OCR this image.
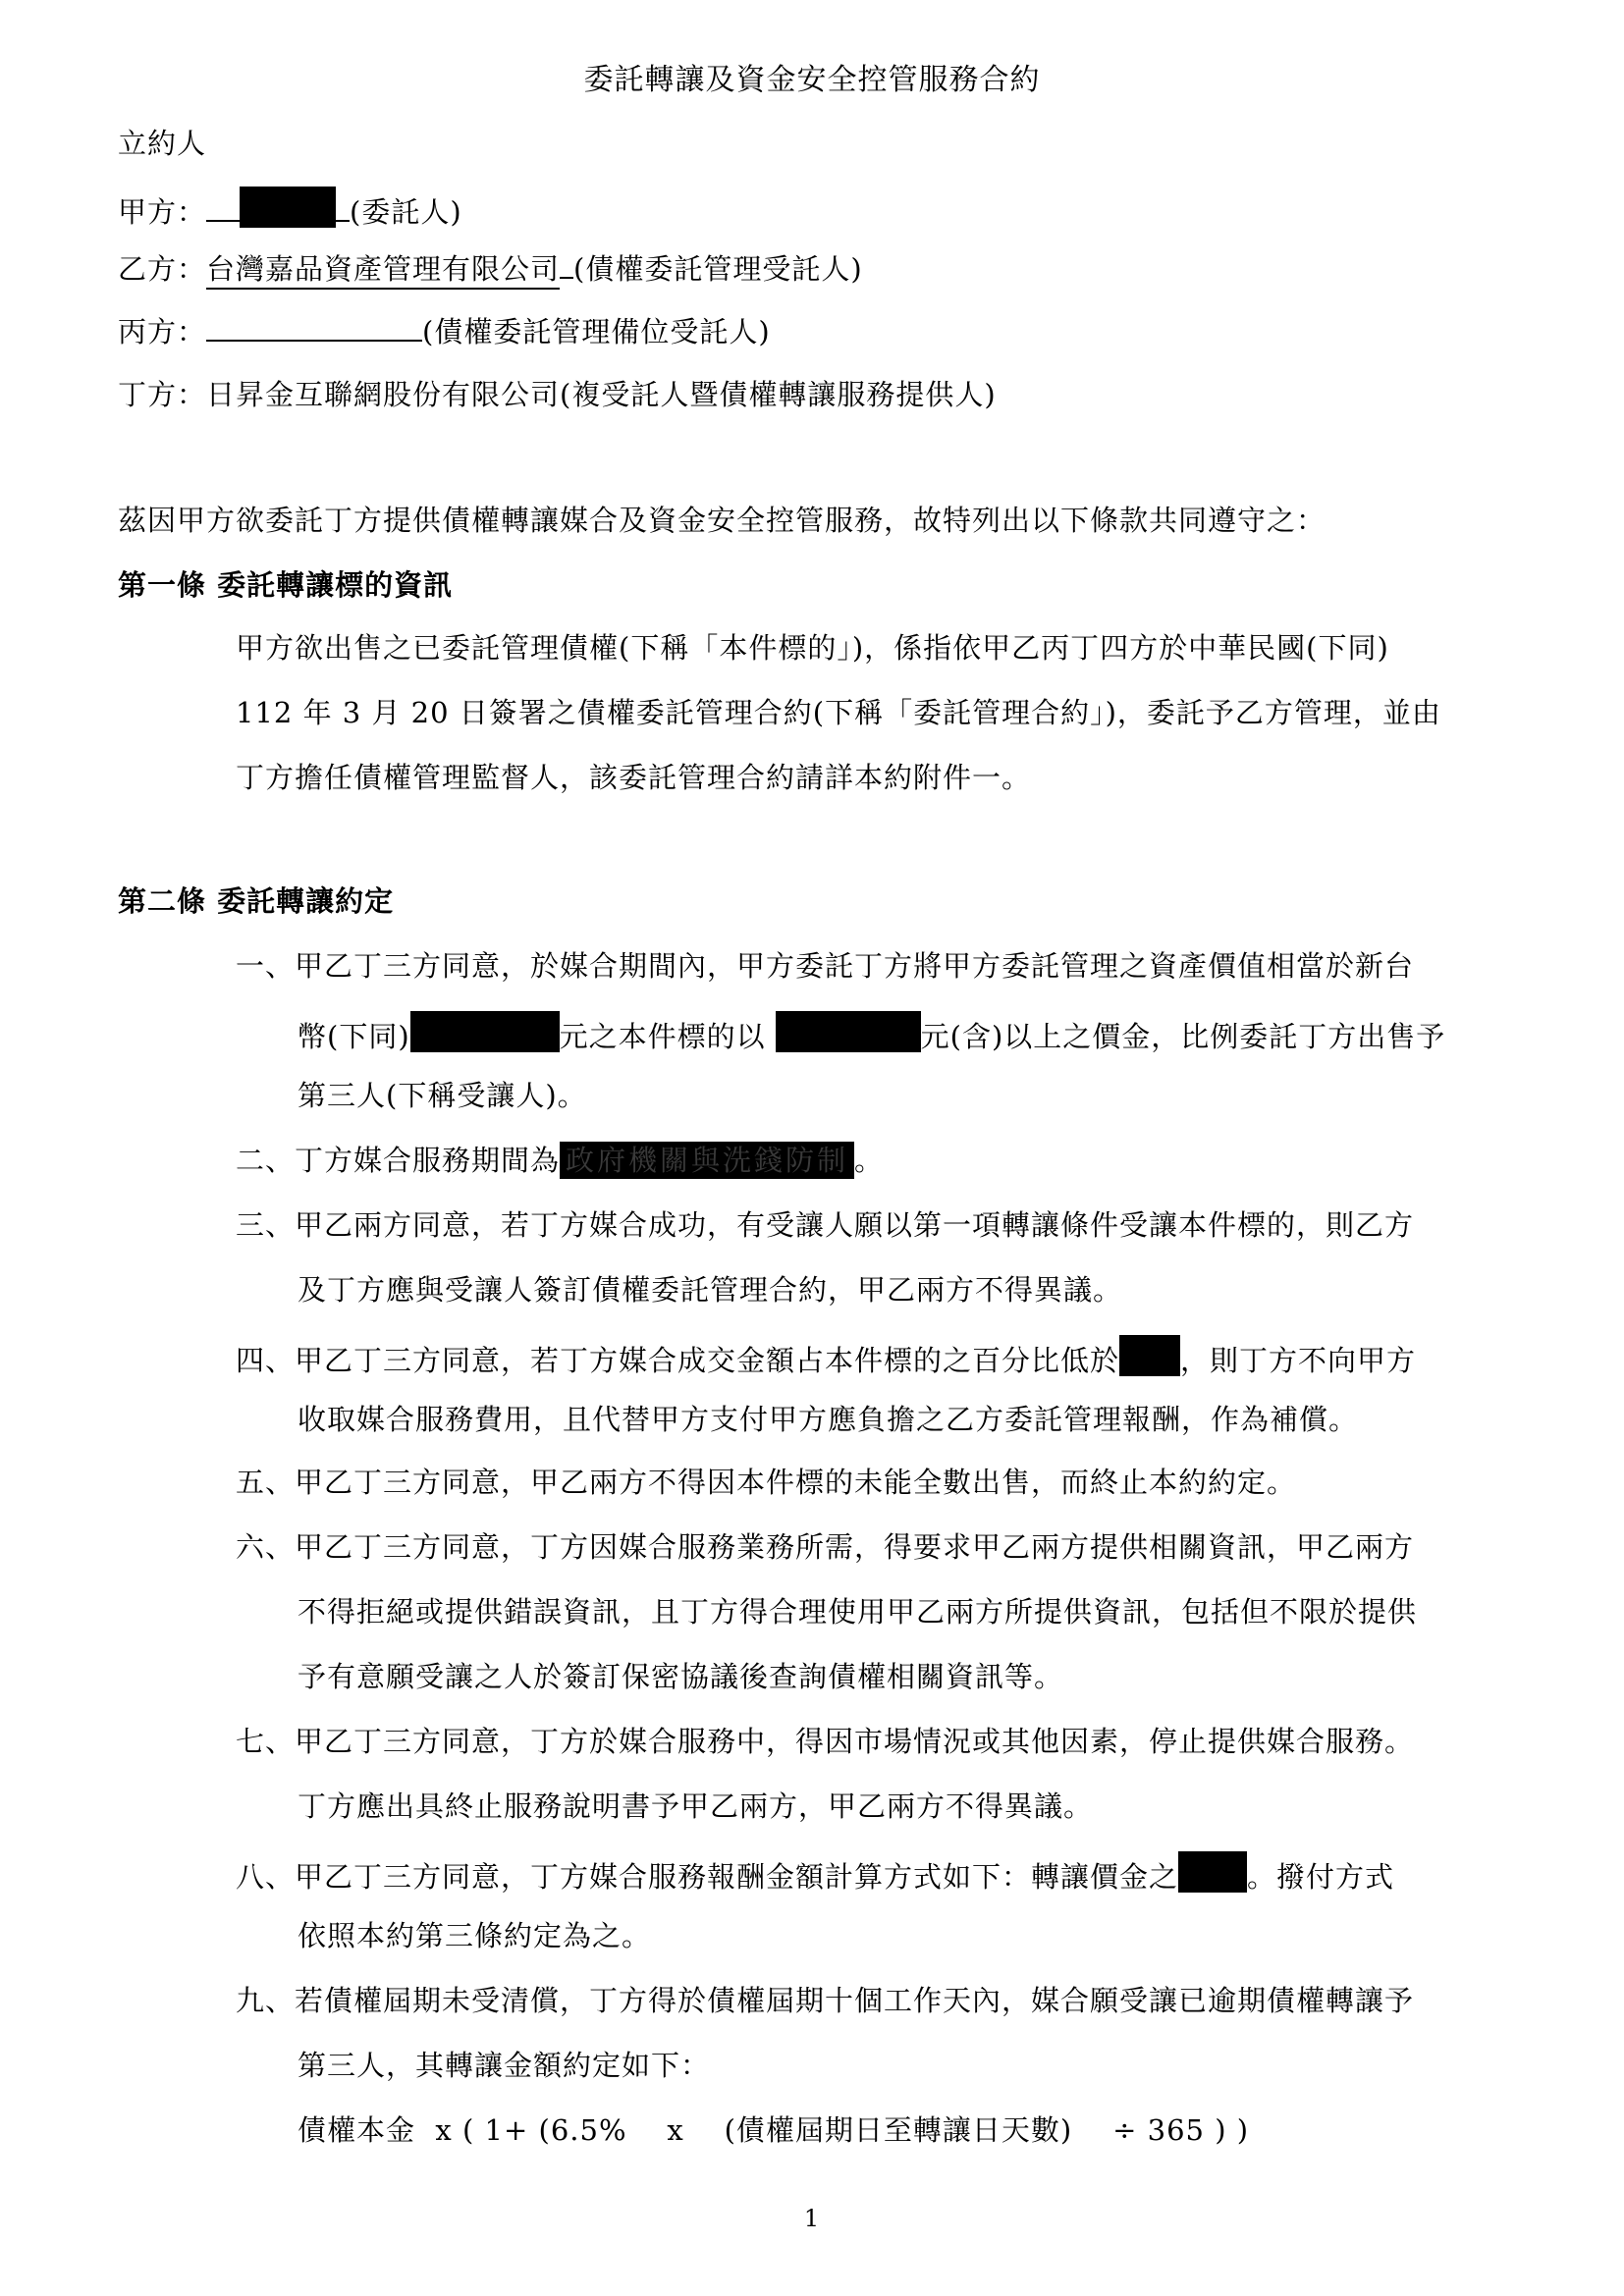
委託轉讓及資金安全控管服務合約
立約人
甲方：	(委託人)
乙方：台灣嘉品資產管理有限公司 (債權委託管理受託人)
丙方：	(債權委託管理備位受託人)
丁方：日昇金互聯網股份有限公司(複受託人暨債權轉讓服務提供人)
茲因甲方欲委託丁方提供債權轉讓媒合及資金安全控管服務，故特列出以下條款共同遵守之：
第一條 委託轉讓標的資訊
甲方欲出售之已委託管理債權(下稱「本件標的」)，係指依甲乙丙丁四方於中華民國(下同)
112 年 3 月 20 日簽署之債權委託管理合約(下稱「委託管理合約」)，委託予乙方管理，並由
丁方擔任債權管理監督人，該委託管理合約請詳本約附件一。
第二條 委託轉讓約定
一、甲乙丁三方同意，於媒合期間內，甲方委託丁方將甲方委託管理之資產價值相當於新台
幣(下同)	元之本件標的以	元(含)以上之價金，比例委託丁方出售予
第三人(下稱受讓人)。
二、丁方媒合服務期間為 政府機關與洗錢防制 。
三、甲乙兩方同意，若丁方媒合成功，有受讓人願以第一項轉讓條件受讓本件標的，則乙方
及丁方應與受讓人簽訂債權委託管理合約，甲乙兩方不得異議。
四、甲乙丁三方同意，若丁方媒合成交金額占本件標的之百分比低於 ，則丁方不向甲方
收取媒合服務費用，且代替甲方支付甲方應負擔之乙方委託管理報酬，作為補償。
五、甲乙丁三方同意，甲乙兩方不得因本件標的未能全數出售，而終止本約約定。
六、甲乙丁三方同意，丁方因媒合服務業務所需，得要求甲乙兩方提供相關資訊，甲乙兩方
不得拒絕或提供錯誤資訊，且丁方得合理使用甲乙兩方所提供資訊，包括但不限於提供
予有意願受讓之人於簽訂保密協議後查詢債權相關資訊等。
七、甲乙丁三方同意，丁方於媒合服務中，得因市場情況或其他因素，停止提供媒合服務。
丁方應出具終止服務說明書予甲乙兩方，甲乙兩方不得異議。
八、甲乙丁三方同意，丁方媒合服務報酬金額計算方式如下：轉讓價金之 。撥付方式
依照本約第三條約定為之。
九、若債權屆期未受清償，丁方得於債權屆期十個工作天內，媒合願受讓已逾期債權轉讓予
第三人，其轉讓金額約定如下：
債權本金  x ( 1+ (6.5%    x    (債權屆期日至轉讓日天數)    ÷ 365 ) )
1
